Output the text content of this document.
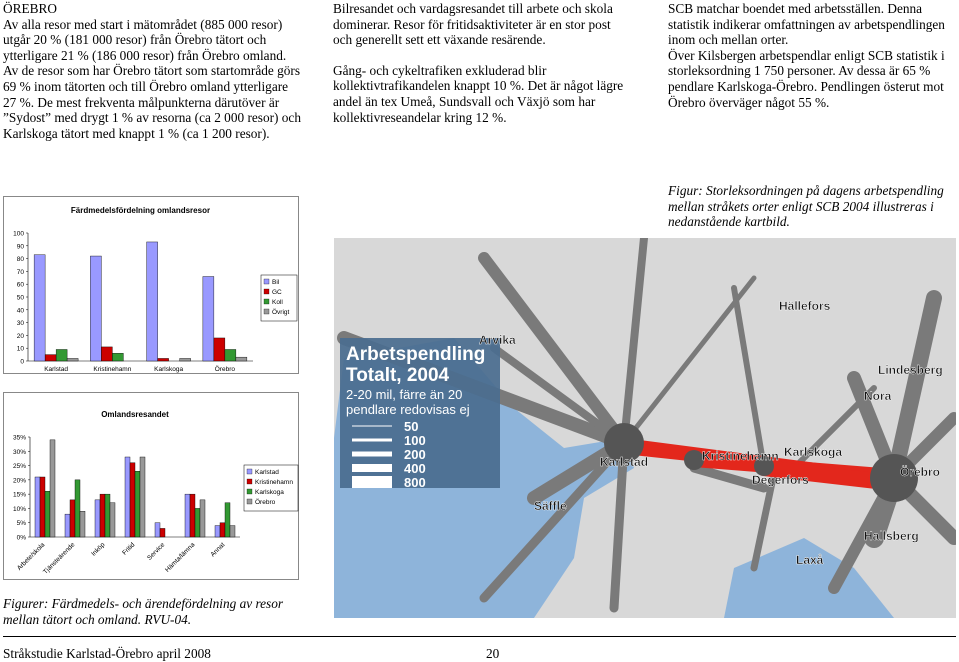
ÖREBRO

Av alla resor med start i mätområdet (885 000 resor) utgår 20 % (181 000 resor) från Örebro tätort och ytterligare 21 % (186 000 resor) från Örebro omland. Av de resor som har Örebro tätort som startområde görs 69 % inom tätorten och till Örebro omland ytterligare 27 %. De mest frekventa målpunkterna därutöver är ”Sydost” med drygt 1 % av resorna (ca 2 000 resor) och Karlskoga tätort med knappt 1 % (ca 1 200 resor).

Bilresandet och vardagsresandet till arbete och skola dominerar. Resor för fritidsaktiviteter är en stor post och generellt sett ett växande resärende.

Gång- och cykeltrafiken exkluderad blir kollektivtrafikandelen knappt 10 %. Det är något lägre andel än tex Umeå, Sundsvall och Växjö som har kollektivreseandelar kring 12 %.

SCB matchar boendet med arbetsställen. Denna statistik indikerar omfattningen av arbetspendlingen inom och mellan orter.

Över Kilsbergen arbetspendlar enligt SCB statistik i storleksordning 1 750 personer. Av dessa är 65 % pendlare Karlskoga-Örebro. Pendlingen österut mot Örebro överväger något 55 %.

Figur: Storleksordningen på dagens arbetspendling mellan stråkets orter enligt SCB 2004 illustreras i nedanstående kartbild.
Färdmedelsfördelning omlandsresor
0
10
20
30
40
50
60
70
80
90
100
Karlstad	Kristinehamn	Karlskoga	Örebro
Bil
GC
Koll
Övrigt
Omlandsresandet
0%
5%
10%
15%
20%
25%
30%
35%
Arbete/skola
Tjänsteärende Inköp Fritid Service
Hämta/lämna Annat
Karlstad
Kristinehamn
Karlskoga
Örebro
Arbetspendling
Totalt, 2004
2-20 mil, färre än 20
pendlare redovisas ej
50
100
200
400
800
Hällefors
Arvika
Lindesberg
Nora
Karlstad	Kristinehamn Karlskoga
Degerfors
Örebro
Säffle
Hallsberg
Laxå
Figurer: Färdmedels- och ärendefördelning av resor mellan tätort och omland. RVU-04.
Stråkstudie Karlstad-Örebro april 2008	20
